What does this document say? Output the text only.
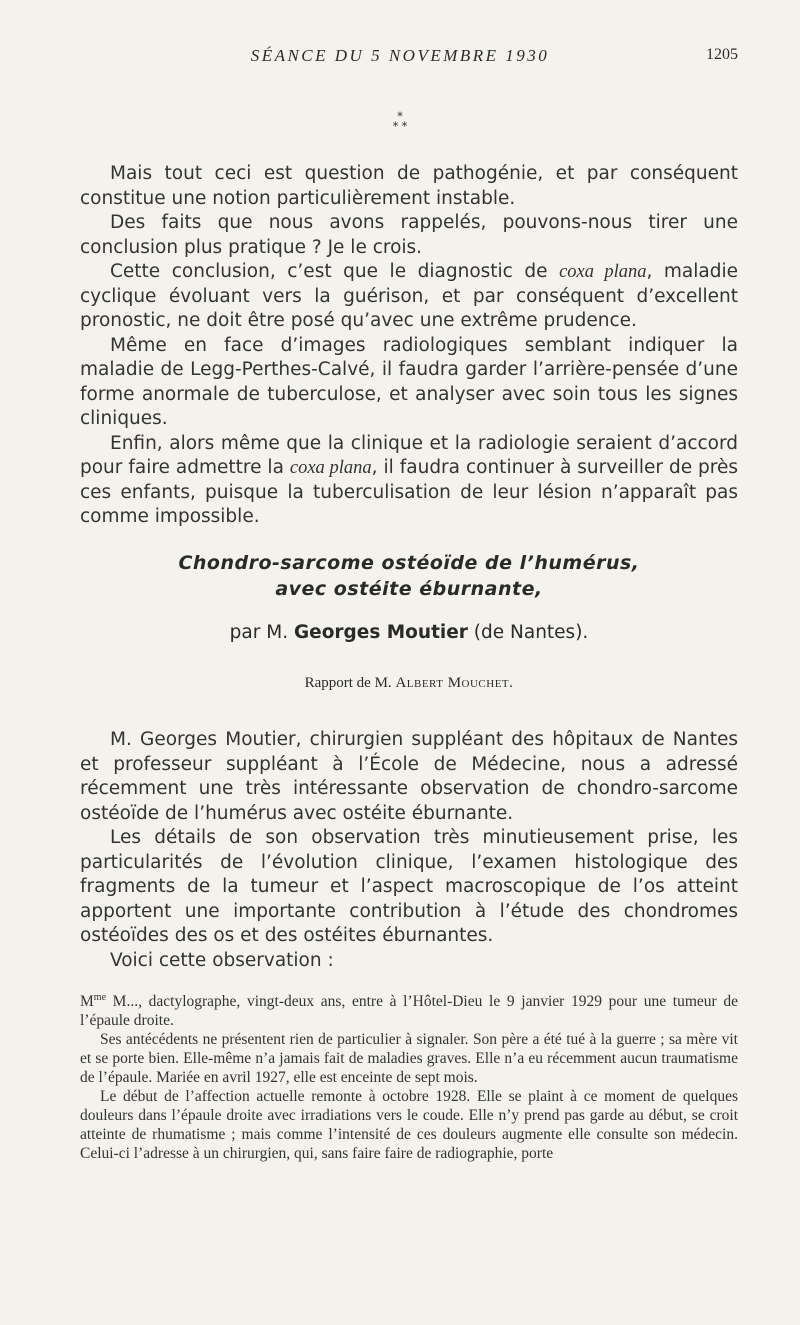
SÉANCE DU 5 NOVEMBRE 1930	1205
*
* *

Mais tout ceci est question de pathogénie, et par conséquent constitue une notion particulièrement instable.

Des faits que nous avons rappelés, pouvons-nous tirer une conclusion plus pratique ? Je le crois.

Cette conclusion, c’est que le diagnostic de coxa plana, maladie cyclique évoluant vers la guérison, et par conséquent d’excellent pronostic, ne doit être posé qu’avec une extrême prudence.

Même en face d’images radiologiques semblant indiquer la maladie de Legg-Perthes-Calvé, il faudra garder l’arrière-pensée d’une forme anormale de tuberculose, et analyser avec soin tous les signes cliniques.

Enfin, alors même que la clinique et la radiologie seraient d’accord pour faire admettre la coxa plana, il faudra continuer à surveiller de près ces enfants, puisque la tuberculisation de leur lésion n’apparaît pas comme impossible.

Chondro-sarcome ostéoïde de l’humérus,
avec ostéite éburnante,
par M. Georges Moutier (de Nantes).
Rapport de M. Albert Mouchet.

M. Georges Moutier, chirurgien suppléant des hôpitaux de Nantes et professeur suppléant à l’École de Médecine, nous a adressé récemment une très intéressante observation de chondro-sarcome ostéoïde de l’humérus avec ostéite éburnante.

Les détails de son observation très minutieusement prise, les particularités de l’évolution clinique, l’examen histologique des fragments de la tumeur et l’aspect macroscopique de l’os atteint apportent une importante contribution à l’étude des chondromes ostéoïdes des os et des ostéites éburnantes.

Voici cette observation :

$M^{me}$ M..., dactylographe, vingt-deux ans, entre à l’Hôtel-Dieu le 9 janvier 1929 pour une tumeur de l’épaule droite.

Ses antécédents ne présentent rien de particulier à signaler. Son père a été tué à la guerre ; sa mère vit et se porte bien. Elle-même n’a jamais fait de maladies graves. Elle n’a eu récemment aucun traumatisme de l’épaule. Mariée en avril 1927, elle est enceinte de sept mois.

Le début de l’affection actuelle remonte à octobre 1928. Elle se plaint à ce moment de quelques douleurs dans l’épaule droite avec irradiations vers le coude. Elle n’y prend pas garde au début, se croit atteinte de rhumatisme ; mais comme l’intensité de ces douleurs augmente elle consulte son médecin. Celui-ci l’adresse à un chirurgien, qui, sans faire faire de radiographie, porte
